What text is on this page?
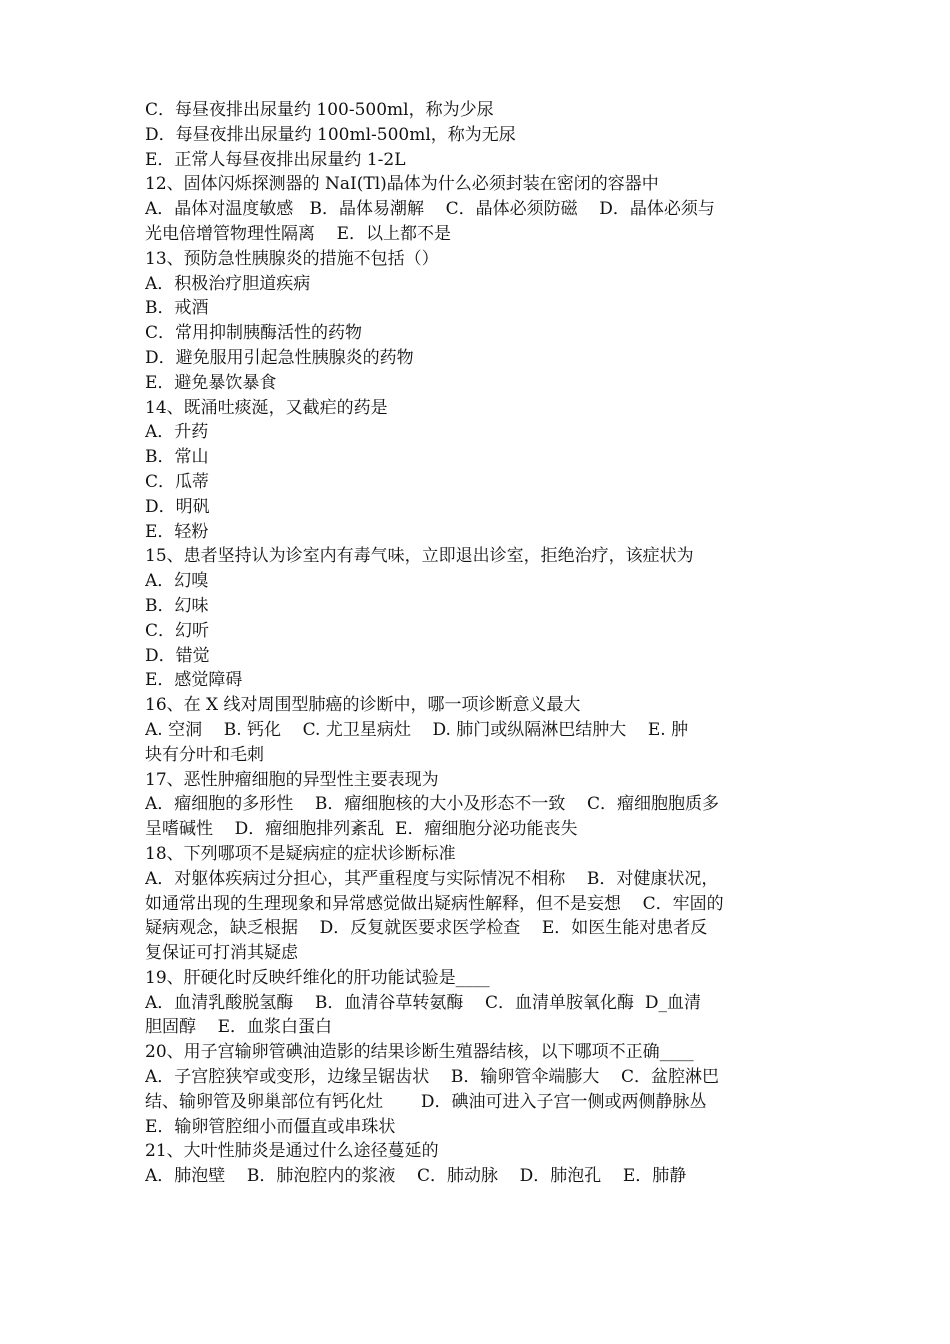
C．每昼夜排出尿量约 100-500ml，称为少尿
D．每昼夜排出尿量约 100ml-500ml，称为无尿
E．正常人每昼夜排出尿量约 1-2L
12、固体闪烁探测器的 NaI(Tl)晶体为什么必须封装在密闭的容器中
A．晶体对温度敏感   B．晶体易潮解    C．晶体必须防磁    D．晶体必须与
光电倍增管物理性隔离    E．以上都不是
13、预防急性胰腺炎的措施不包括（）
A．积极治疗胆道疾病
B．戒酒
C．常用抑制胰酶活性的药物
D．避免服用引起急性胰腺炎的药物
E．避免暴饮暴食
14、既涌吐痰涎，又截疟的药是
A．升药
B．常山
C．瓜蒂
D．明矾
E．轻粉
15、患者坚持认为诊室内有毒气味，立即退出诊室，拒绝治疗，该症状为
A．幻嗅
B．幻味
C．幻听
D．错觉
E．感觉障碍
16、在 X 线对周围型肺癌的诊断中，哪一项诊断意义最大
A. 空洞    B. 钙化    C. 尤卫星病灶    D. 肺门或纵隔淋巴结肿大    E. 肿
块有分叶和毛刺
17、恶性肿瘤细胞的异型性主要表现为
A．瘤细胞的多形性    B．瘤细胞核的大小及形态不一致    C．瘤细胞胞质多
呈嗜碱性    D．瘤细胞排列紊乱  E．瘤细胞分泌功能丧失
18、下列哪项不是疑病症的症状诊断标准
A．对躯体疾病过分担心，其严重程度与实际情况不相称    B．对健康状况，
如通常出现的生理现象和异常感觉做出疑病性解释，但不是妄想    C．牢固的
疑病观念，缺乏根据    D．反复就医要求医学检查    E．如医生能对患者反
复保证可打消其疑虑
19、肝硬化时反映纤维化的肝功能试验是____
A．血清乳酸脱氢酶    B．血清谷草转氨酶    C．血清单胺氧化酶  D_血清
胆固醇    E．血浆白蛋白
20、用子宫输卵管碘油造影的结果诊断生殖器结核，以下哪项不正确____
A．子宫腔狭窄或变形，边缘呈锯齿状    B．输卵管伞端膨大    C．盆腔淋巴
结、输卵管及卵巢部位有钙化灶       D．碘油可进入子宫一侧或两侧静脉丛
E．输卵管腔细小而僵直或串珠状
21、大叶性肺炎是通过什么途径蔓延的
A．肺泡壁    B．肺泡腔内的浆液    C．肺动脉    D．肺泡孔    E．肺静
